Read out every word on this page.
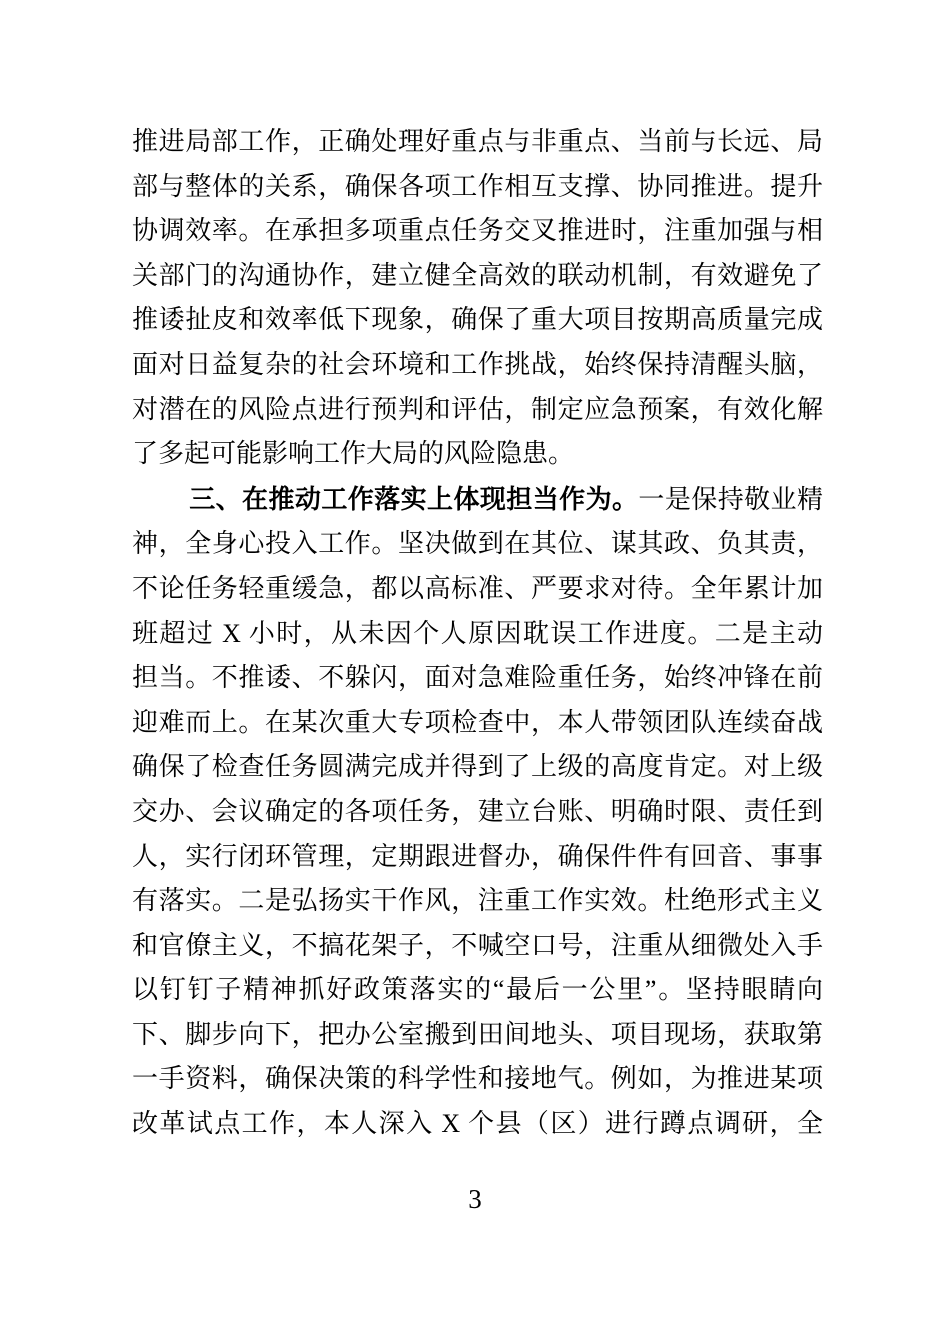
推进局部工作，正确处理好重点与非重点、当前与长远、局
部与整体的关系，确保各项工作相互支撑、协同推进。提升
协调效率。在承担多项重点任务交叉推进时，注重加强与相
关部门的沟通协作，建立健全高效的联动机制，有效避免了
推诿扯皮和效率低下现象，确保了重大项目按期高质量完成
面对日益复杂的社会环境和工作挑战，始终保持清醒头脑，
对潜在的风险点进行预判和评估，制定应急预案，有效化解
了多起可能影响工作大局的风险隐患。
三、在推动工作落实上体现担当作为。一是保持敬业精
神，全身心投入工作。坚决做到在其位、谋其政、负其责，
不论任务轻重缓急，都以高标准、严要求对待。全年累计加
班超过 X 小时，从未因个人原因耽误工作进度。二是主动
担当。不推诿、不躲闪，面对急难险重任务，始终冲锋在前
迎难而上。在某次重大专项检查中，本人带领团队连续奋战
确保了检查任务圆满完成并得到了上级的高度肯定。对上级
交办、会议确定的各项任务，建立台账、明确时限、责任到
人，实行闭环管理，定期跟进督办，确保件件有回音、事事
有落实。二是弘扬实干作风，注重工作实效。杜绝形式主义
和官僚主义，不搞花架子，不喊空口号，注重从细微处入手
以钉钉子精神抓好政策落实的“最后一公里”。坚持眼睛向
下、脚步向下，把办公室搬到田间地头、项目现场，获取第
一手资料，确保决策的科学性和接地气。例如，为推进某项
改革试点工作，本人深入 X 个县（区）进行蹲点调研，全
3
